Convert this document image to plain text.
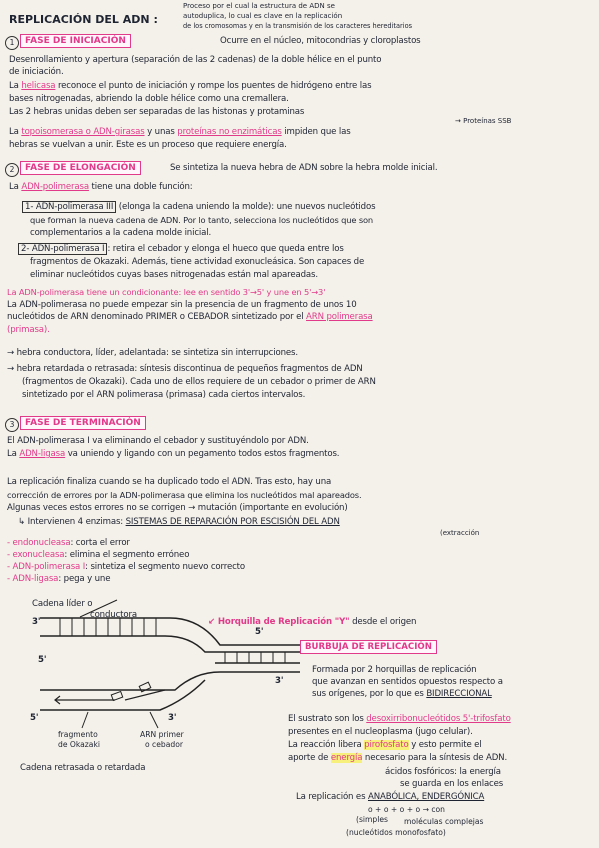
REPLICACIÓN DEL ADN :
Proceso por el cual la estructura de ADN se
autoduplica, lo cual es clave en la replicación
de los cromosomas y en la transmisión de los caracteres hereditarios
Ocurre en el núcleo, mitocondrias y cloroplastos
1	FASE DE INICIACIÓN
Desenrollamiento y apertura (separación de las 2 cadenas) de la doble hélice en el punto
de iniciación.
La helicasa reconoce el punto de iniciación y rompe los puentes de hidrógeno entre las
bases nitrogenadas, abriendo la doble hélice como una cremallera.
Las 2 hebras unidas deben ser separadas de las histonas y protaminas
→ Proteínas SSB
La topoisomerasa o ADN-girasas y unas proteínas no enzimáticas impiden que las
hebras se vuelvan a unir. Este es un proceso que requiere energía.
2	FASE DE ELONGACIÓN	Se sintetiza la nueva hebra de ADN sobre la hebra molde inicial.
La ADN-polimerasa tiene una doble función:
1- ADN-polimerasa III (elonga la cadena uniendo la molde): une nuevos nucleótidos
que forman la nueva cadena de ADN. Por lo tanto, selecciona los nucleótidos que son
complementarios a la cadena molde inicial.
2- ADN-polimerasa I : retira el cebador y elonga el hueco que queda entre los
fragmentos de Okazaki. Además, tiene actividad exonucleásica. Son capaces de
eliminar nucleótidos cuyas bases nitrogenadas están mal apareadas.
La ADN-polimerasa tiene un condicionante: lee en sentido 3'→5' y une en 5'→3'
La ADN-polimerasa no puede empezar sin la presencia de un fragmento de unos 10
nucleótidos de ARN denominado PRIMER o CEBADOR sintetizado por el ARN polimerasa
(primasa).
→ hebra conductora, líder, adelantada: se sintetiza sin interrupciones.
→ hebra retardada o retrasada: síntesis discontinua de pequeños fragmentos de ADN
(fragmentos de Okazaki). Cada uno de ellos requiere de un cebador o primer de ARN
sintetizado por el ARN polimerasa (primasa) cada ciertos intervalos.
3	FASE DE TERMINACIÓN
El ADN-polimerasa I va eliminando el cebador y sustituyéndolo por ADN.
La ADN-ligasa va uniendo y ligando con un pegamento todos estos fragmentos.
La replicación finaliza cuando se ha duplicado todo el ADN. Tras esto, hay una
corrección de errores por la ADN-polimerasa que elimina los nucleótidos mal apareados.
Algunas veces estos errores no se corrigen → mutación (importante en evolución)
↳ Intervienen 4 enzimas: SISTEMAS DE REPARACIÓN POR ESCISIÓN DEL ADN
(extracción
- endonucleasa: corta el error
- exonucleasa: elimina el segmento erróneo
- ADN-polimerasa I: sintetiza el segmento nuevo correcto
- ADN-ligasa: pega y une
Cadena líder o
conductora
3'
5'
5'
3'
5'	3'
fragmento
de Okazaki
ARN primer
o cebador
Cadena retrasada o retardada
↙ Horquilla de Replicación "Y" desde el origen
BURBUJA DE REPLICACIÓN
Formada por 2 horquillas de replicación
que avanzan en sentidos opuestos respecto a
sus orígenes, por lo que es BIDIRECCIONAL
El sustrato son los desoxirribonucleótidos 5'-trifosfato
presentes en el nucleoplasma (jugo celular).
La reacción libera pirofosfato y esto permite el
aporte de energía necesario para la síntesis de ADN.
ácidos fosfóricos: la energía
se guarda en los enlaces
La replicación es ANABÓLICA, ENDERGÓNICA
o + o + o + o → con
(simples moléculas complejas
(nucleótidos monofosfato)
